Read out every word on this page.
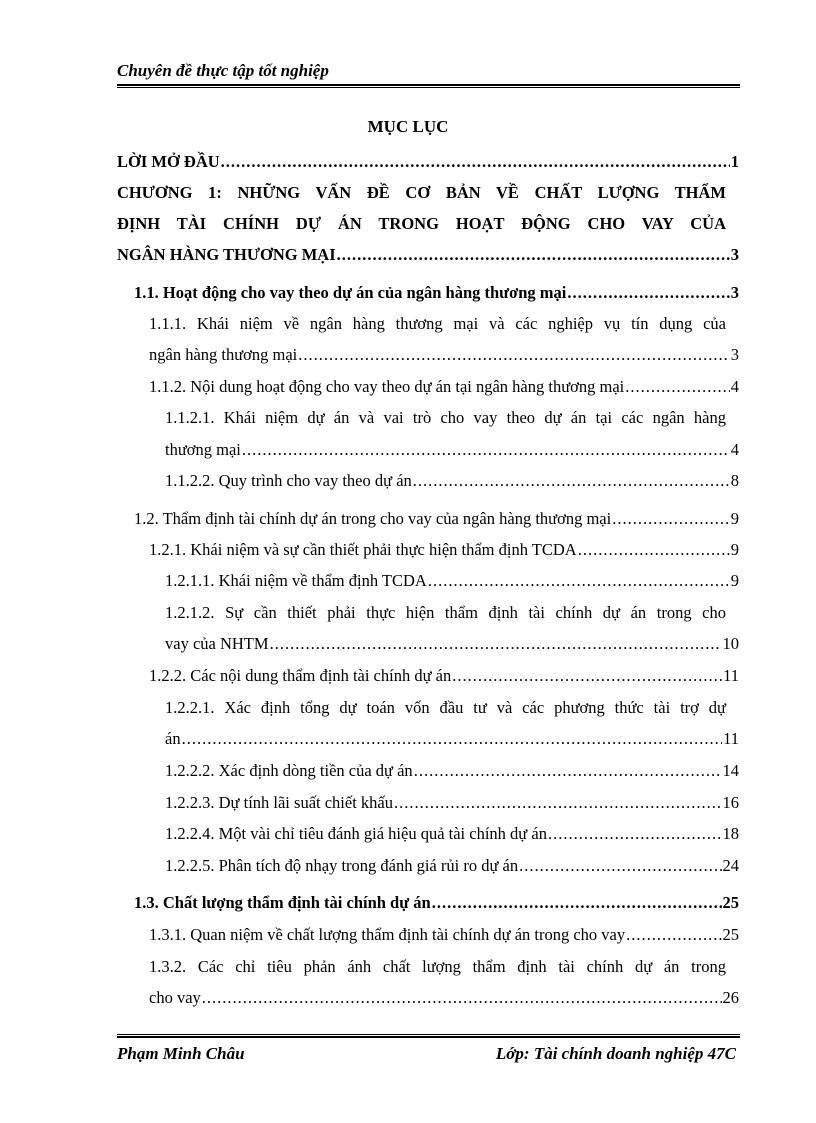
Chuyên đề thực tập tốt nghiệp
MỤC LỤC
LỜI MỞ ĐẦU .....	1
CHƯƠNG 1: NHỮNG VẤN ĐỀ CƠ BẢN VỀ CHẤT LƯỢNG THẨM
ĐỊNH TÀI CHÍNH DỰ ÁN TRONG HOẠT ĐỘNG CHO VAY CỦA
NGÂN HÀNG THƯƠNG MẠI .....	3
1.1. Hoạt động cho vay theo dự án của ngân hàng thương mại .....	3
1.1.1. Khái niệm về ngân hàng thương mại và các nghiệp vụ tín dụng của
ngân hàng thương mại .....	3
1.1.2. Nội dung hoạt động cho vay theo dự án tại ngân hàng thương mại .....	4
1.1.2.1. Khái niệm dự án và vai trò cho vay theo dự án tại các ngân hàng
thương mại .....	4
1.1.2.2. Quy trình cho vay theo dự án .....	8
1.2. Thẩm định tài chính dự án trong cho vay của ngân hàng thương mại .....	9
1.2.1. Khái niệm và sự cần thiết phải thực hiện thẩm định TCDA .....	9
1.2.1.1. Khái niệm về thẩm định TCDA .....	9
1.2.1.2. Sự cần thiết phải thực hiện thẩm định tài chính dự án trong cho
vay của NHTM .....	10
1.2.2. Các nội dung thẩm định tài chính dự án .....	11
1.2.2.1. Xác định tổng dự toán vốn đầu tư và các phương thức tài trợ dự
án .....	11
1.2.2.2. Xác định dòng tiền của dự án .....	14
1.2.2.3. Dự tính lãi suất chiết khấu .....	16
1.2.2.4. Một vài chỉ tiêu đánh giá hiệu quả tài chính dự án .....	18
1.2.2.5. Phân tích độ nhạy trong đánh giá rủi ro dự án .....	24
1.3. Chất lượng thẩm định tài chính dự án .....	25
1.3.1. Quan niệm về chất lượng thẩm định tài chính dự án trong cho vay .....	25
1.3.2. Các chỉ tiêu phản ánh chất lượng thẩm định tài chính dự án trong
cho vay .....	26
Phạm Minh Châu	Lớp: Tài chính doanh nghiệp 47C
